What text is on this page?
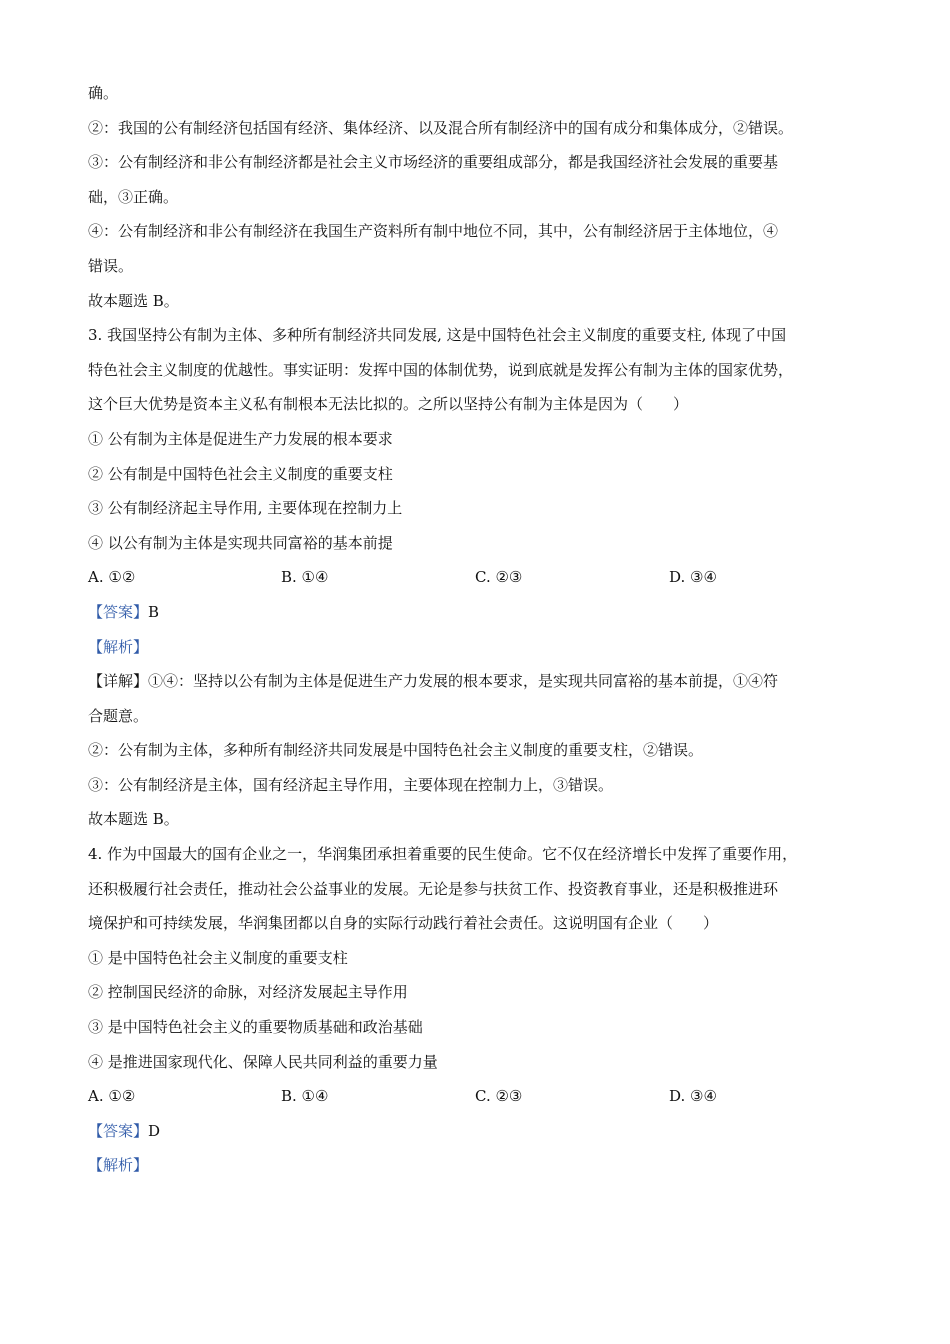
确。
②：我国的公有制经济包括国有经济、集体经济、以及混合所有制经济中的国有成分和集体成分，②错误。
③：公有制经济和非公有制经济都是社会主义市场经济的重要组成部分，都是我国经济社会发展的重要基
础，③正确。
④：公有制经济和非公有制经济在我国生产资料所有制中地位不同，其中，公有制经济居于主体地位，④
错误。
故本题选 B。
3. 我国坚持公有制为主体、多种所有制经济共同发展, 这是中国特色社会主义制度的重要支柱, 体现了中国
特色社会主义制度的优越性。事实证明：发挥中国的体制优势，说到底就是发挥公有制为主体的国家优势，
这个巨大优势是资本主义私有制根本无法比拟的。之所以坚持公有制为主体是因为（　　）
① 公有制为主体是促进生产力发展的根本要求
② 公有制是中国特色社会主义制度的重要支柱
③ 公有制经济起主导作用, 主要体现在控制力上
④ 以公有制为主体是实现共同富裕的基本前提
A. ①②	B. ①④	C. ②③	D. ③④
【答案】B
【解析】
【详解】①④：坚持以公有制为主体是促进生产力发展的根本要求，是实现共同富裕的基本前提，①④符
合题意。
②：公有制为主体，多种所有制经济共同发展是中国特色社会主义制度的重要支柱，②错误。
③：公有制经济是主体，国有经济起主导作用，主要体现在控制力上，③错误。
故本题选 B。
4. 作为中国最大的国有企业之一，华润集团承担着重要的民生使命。它不仅在经济增长中发挥了重要作用，
还积极履行社会责任，推动社会公益事业的发展。无论是参与扶贫工作、投资教育事业，还是积极推进环
境保护和可持续发展，华润集团都以自身的实际行动践行着社会责任。这说明国有企业（　　）
① 是中国特色社会主义制度的重要支柱
② 控制国民经济的命脉，对经济发展起主导作用
③ 是中国特色社会主义的重要物质基础和政治基础
④ 是推进国家现代化、保障人民共同利益的重要力量
A. ①②	B. ①④	C. ②③	D. ③④
【答案】D
【解析】
